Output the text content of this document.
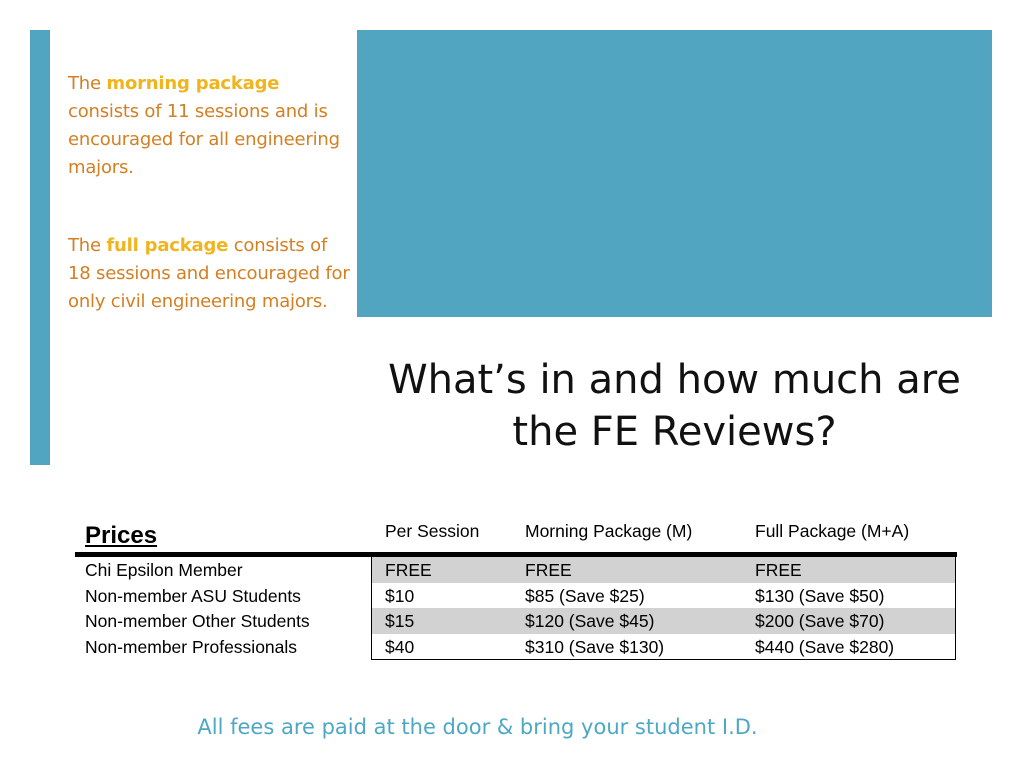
The morning package consists of 11 sessions and is encouraged for all engineering majors.
The full package consists of 18 sessions and encouraged for only civil engineering majors.
What’s in and how much are the FE Reviews?
Prices	Per Session	Morning Package (M)	Full Package (M+A)
Chi Epsilon Member	FREE	FREE	FREE
Non-member ASU Students	$10	$85 (Save $25)	$130 (Save $50)
Non-member Other Students	$15	$120 (Save $45)	$200 (Save $70)
Non-member Professionals	$40	$310 (Save $130)	$440 (Save $280)
All fees are paid at the door & bring your student I.D.
